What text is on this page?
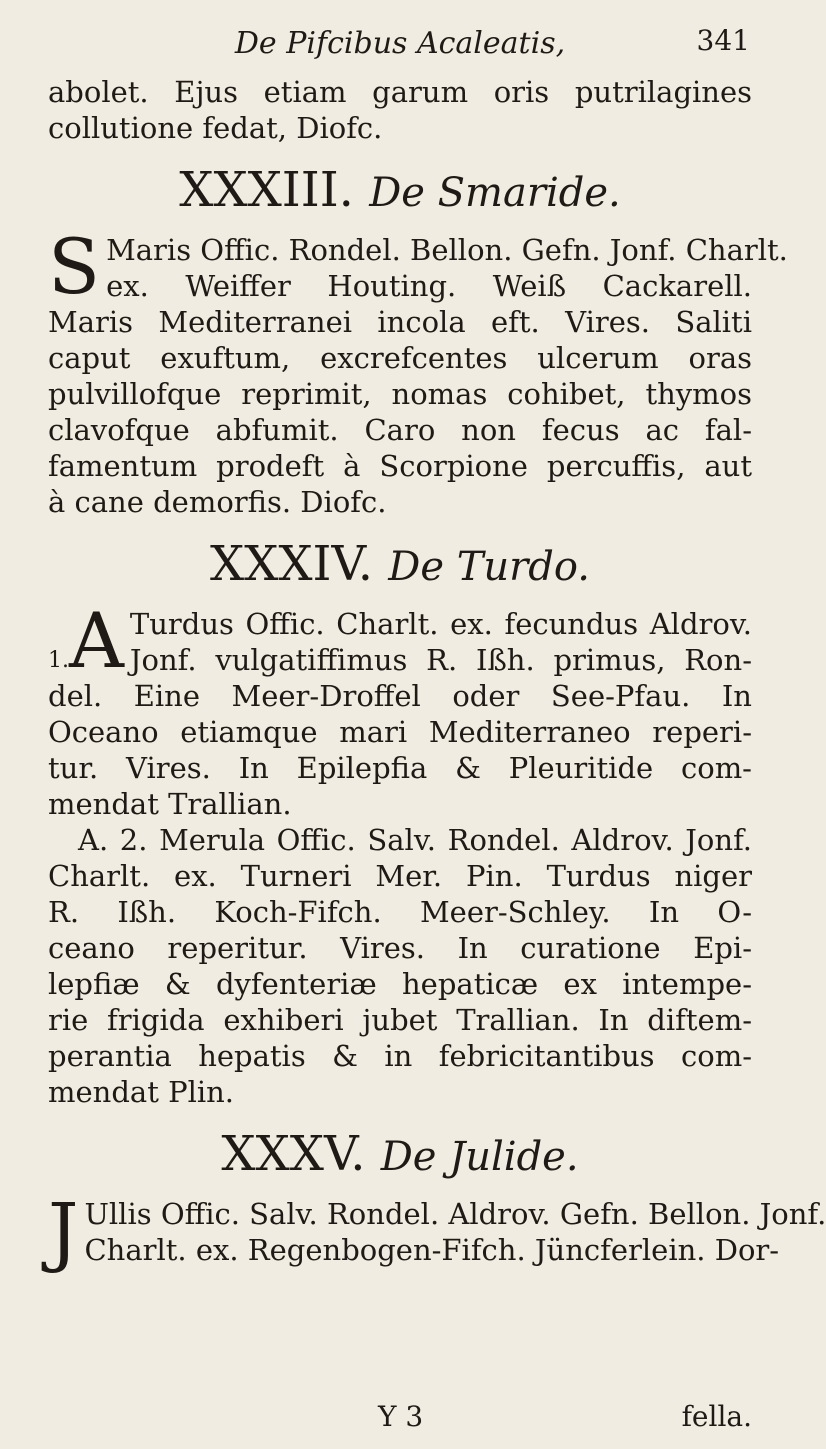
De Pifcibus Acaleatis,	341
abolet. Ejus etiam garum oris putrilagines
collutione fedat, Diofc.
XXXIII. De Smaride.
S Maris Offic. Rondel. Bellon. Gefn. Jonf. Charlt.
ex. Weiffer Houting. Weiß Cackarell.
Maris Mediterranei incola eft. Vires. Saliti
caput exuftum, excrefcentes ulcerum oras
pulvillofque reprimit, nomas cohibet, thymos
clavofque abfumit. Caro non fecus ac fal-
famentum prodeft à Scorpione percuffis, aut
à cane demorfis. Diofc.
XXXIV. De Turdo.
1.A Turdus Offic. Charlt. ex. fecundus Aldrov.
Jonf. vulgatiffimus R. Ißh. primus, Ron-
del. Eine Meer-Droffel oder See-Pfau. In
Oceano etiamque mari Mediterraneo reperi-
tur. Vires. In Epilepfia & Pleuritide com-
mendat Trallian.
A. 2. Merula Offic. Salv. Rondel. Aldrov. Jonf.
Charlt. ex. Turneri Mer. Pin. Turdus niger
R. Ißh. Koch-Fifch. Meer-Schley. In O-
ceano reperitur. Vires. In curatione Epi-
lepfiæ & dyfenteriæ hepaticæ ex intempe-
rie frigida exhiberi jubet Trallian. In diftem-
perantia hepatis & in febricitantibus com-
mendat Plin.
XXXV. De Julide.
J Ullis Offic. Salv. Rondel. Aldrov. Gefn. Bellon. Jonf.
Charlt. ex. Regenbogen-Fifch. Jüncferlein. Dor-
Y 3	fella.
